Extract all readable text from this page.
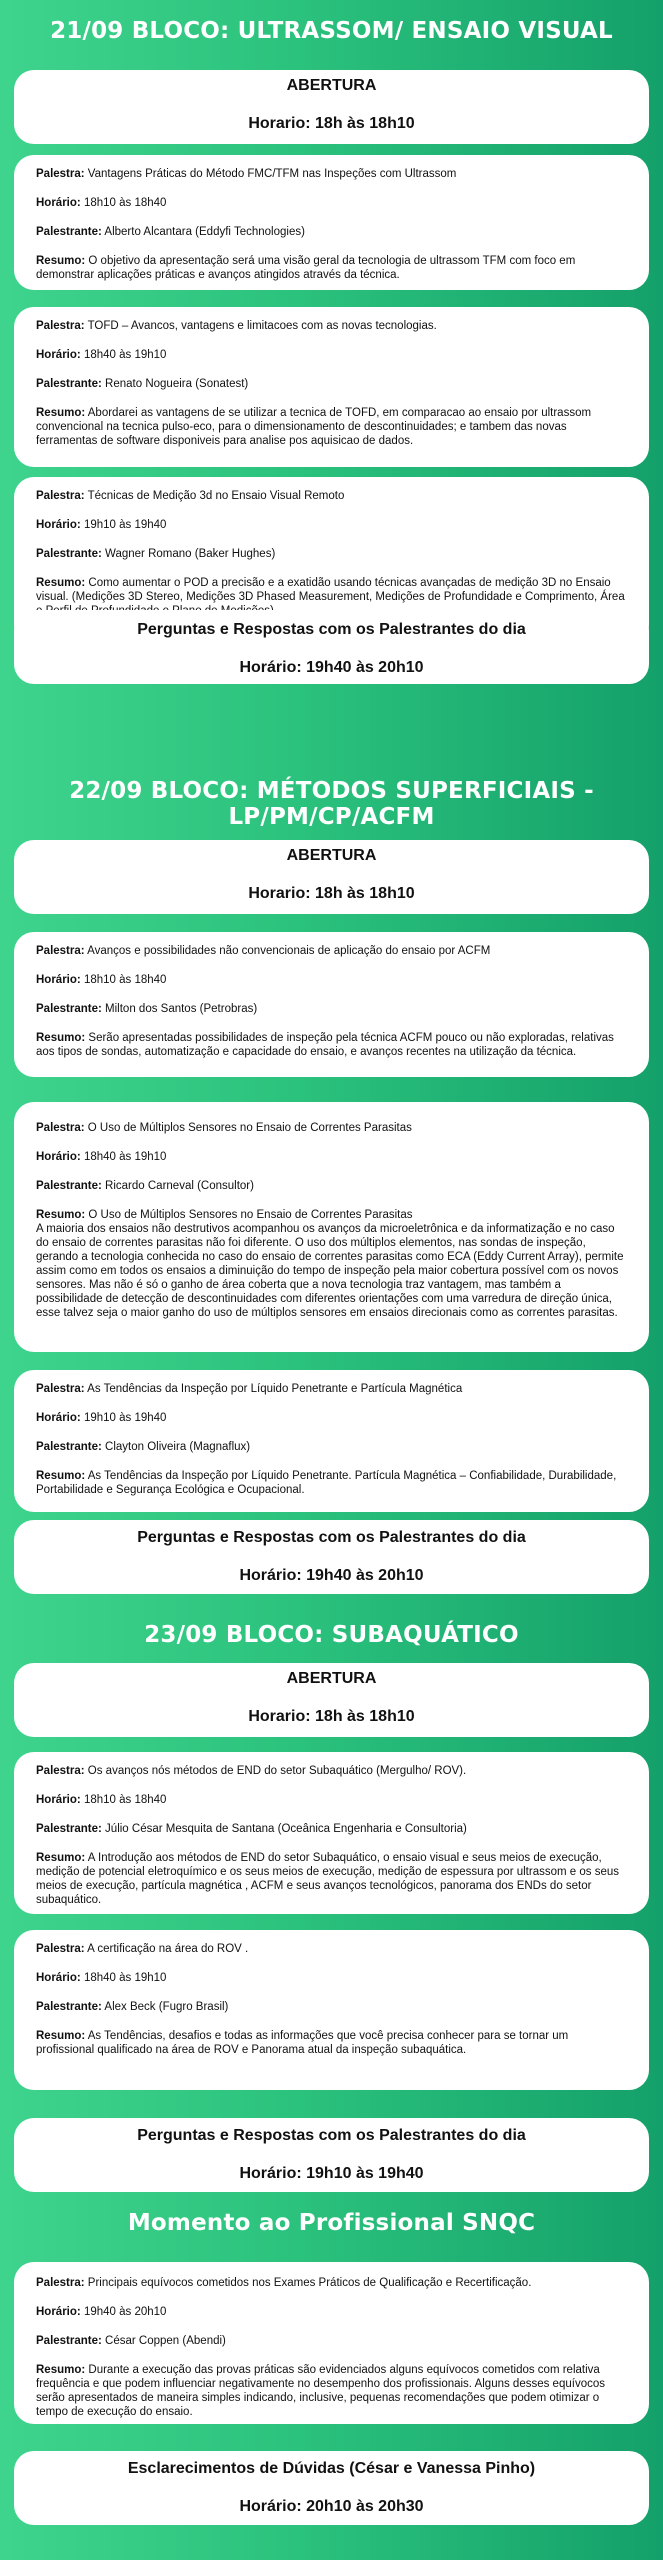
21/09 BLOCO: ULTRASSOM/ ENSAIO VISUAL
ABERTURA
Horario: 18h às 18h10

Palestra: Vantagens Práticas do Método FMC/TFM nas Inspeções com Ultrassom

Horário: 18h10 às 18h40

Palestrante: Alberto Alcantara (Eddyfi Technologies)

Resumo: O objetivo da apresentação será uma visão geral da tecnologia de ultrassom TFM com foco em demonstrar aplicações práticas e avanços atingidos através da técnica.

Palestra: TOFD – Avancos, vantagens e limitacoes com as novas tecnologias.

Horário: 18h40 às 19h10

Palestrante: Renato Nogueira (Sonatest)

Resumo: Abordarei as vantagens de se utilizar a tecnica de TOFD, em comparacao ao ensaio por ultrassom convencional na tecnica pulso-eco, para o dimensionamento de descontinuidades; e tambem das novas ferramentas de software disponiveis para analise pos aquisicao de dados.

Palestra: Técnicas de Medição 3d no Ensaio Visual Remoto

Horário: 19h10 às 19h40

Palestrante: Wagner Romano (Baker Hughes)

Resumo: Como aumentar o POD a precisão e a exatidão usando técnicas avançadas de medição 3D no Ensaio visual. (Medições 3D Stereo, Medições 3D Phased Measurement, Medições de Profundidade e Comprimento, Área

Perguntas e Respostas com os Palestrantes do dia
Horário: 19h40 às 20h10
22/09 BLOCO: MÉTODOS SUPERFICIAIS - LP/PM/CP/ACFM
ABERTURA
Horario: 18h às 18h10

Palestra: Avanços e possibilidades não convencionais de aplicação do ensaio por ACFM

Horário: 18h10 às 18h40

Palestrante: Milton dos Santos (Petrobras)

Resumo: Serão apresentadas possibilidades de inspeção pela técnica ACFM pouco ou não exploradas, relativas aos tipos de sondas, automatização e capacidade do ensaio, e avanços recentes na utilização da técnica.

Palestra: O Uso de Múltiplos Sensores no Ensaio de Correntes Parasitas

Horário: 18h40 às 19h10

Palestrante: Ricardo Carneval (Consultor)

Resumo: O Uso de Múltiplos Sensores no Ensaio de Correntes Parasitas
A maioria dos ensaios não destrutivos acompanhou os avanços da microeletrônica e da informatização e no caso do ensaio de correntes parasitas não foi diferente. O uso dos múltiplos elementos, nas sondas de inspeção, gerando a tecnologia conhecida no caso do ensaio de correntes parasitas como ECA (Eddy Current Array), permite assim como em todos os ensaios a diminuição do tempo de inspeção pela maior cobertura possível com os novos sensores. Mas não é só o ganho de área coberta que a nova tecnologia traz vantagem, mas também a possibilidade de detecção de descontinuidades com diferentes orientações com uma varredura de direção única, esse talvez seja o maior ganho do uso de múltiplos sensores em ensaios direcionais como as correntes parasitas.

Palestra: As Tendências da Inspeção por Líquido Penetrante e Partícula Magnética

Horário: 19h10 às 19h40

Palestrante: Clayton Oliveira (Magnaflux)

Resumo: As Tendências da Inspeção por Líquido Penetrante. Partícula Magnética – Confiabilidade, Durabilidade, Portabilidade e Segurança Ecológica e Ocupacional.

Perguntas e Respostas com os Palestrantes do dia
Horário: 19h40 às 20h10
23/09 BLOCO: SUBAQUÁTICO
ABERTURA
Horario: 18h às 18h10

Palestra: Os avanços nós métodos de END do setor Subaquático (Mergulho/ ROV).

Horário: 18h10 às 18h40

Palestrante: Júlio César Mesquita de Santana (Oceânica Engenharia e Consultoria)

Resumo: A Introdução aos métodos de END do setor Subaquático, o ensaio visual e seus meios de execução, medição de potencial eletroquímico e os seus meios de execução, medição de espessura por ultrassom e os seus meios de execução, partícula magnética , ACFM e seus avanços tecnológicos, panorama dos ENDs do setor subaquático.

Palestra: A certificação na área do ROV .

Horário: 18h40 às 19h10

Palestrante: Alex Beck (Fugro Brasil)

Resumo: As Tendências, desafios e todas as informações que você precisa conhecer para se tornar um profissional qualificado na área de ROV e Panorama atual da inspeção subaquática.

Perguntas e Respostas com os Palestrantes do dia
Horário: 19h10 às 19h40
Momento ao Profissional SNQC

Palestra: Principais equívocos cometidos nos Exames Práticos de Qualificação e Recertificação.

Horário: 19h40 às 20h10

Palestrante: César Coppen (Abendi)

Resumo: Durante a execução das provas práticas são evidenciados alguns equívocos cometidos com relativa frequência e que podem influenciar negativamente no desempenho dos profissionais. Alguns desses equívocos serão apresentados de maneira simples indicando, inclusive, pequenas recomendações que podem otimizar o tempo de execução do ensaio.

Esclarecimentos de Dúvidas (César e Vanessa Pinho)
Horário: 20h10 às 20h30
